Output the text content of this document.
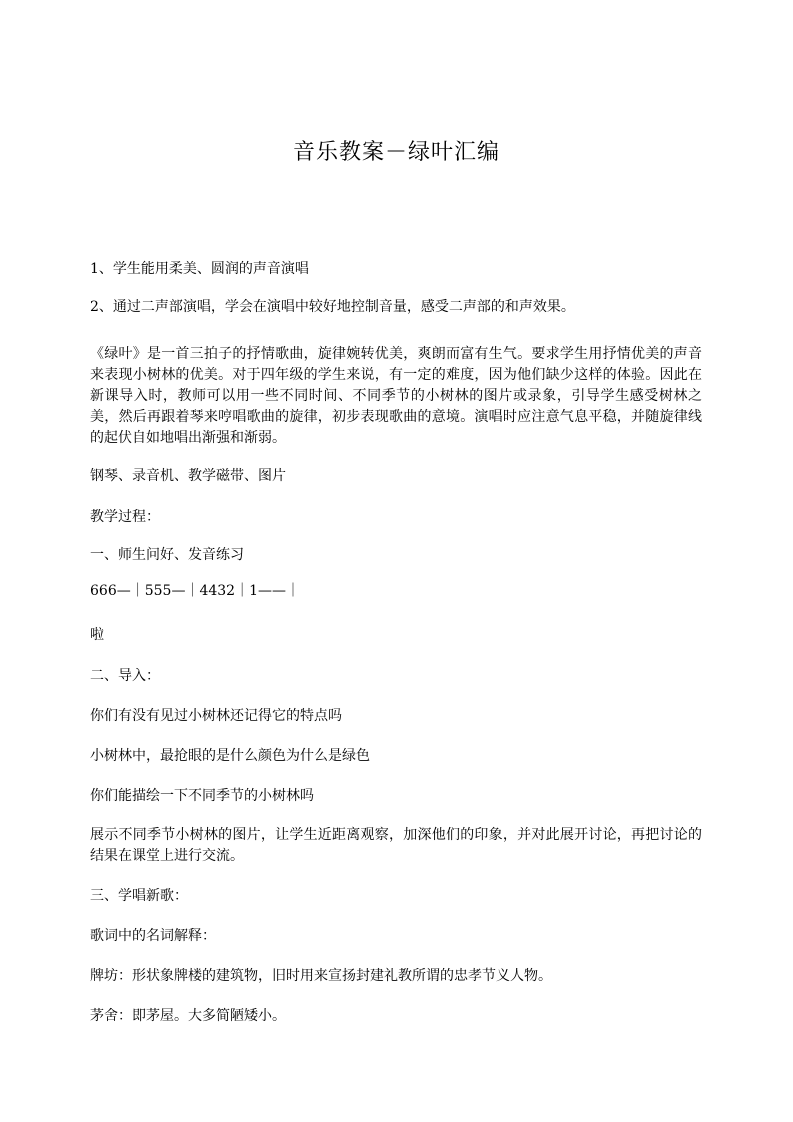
音乐教案－绿叶汇编

1、学生能用柔美、圆润的声音演唱

2、通过二声部演唱，学会在演唱中较好地控制音量，感受二声部的和声效果。

《绿叶》是一首三拍子的抒情歌曲，旋律婉转优美，爽朗而富有生气。要求学生用抒情优美的声音来表现小树林的优美。对于四年级的学生来说，有一定的难度，因为他们缺少这样的体验。因此在新课导入时，教师可以用一些不同时间、不同季节的小树林的图片或录象，引导学生感受树林之美，然后再跟着琴来哼唱歌曲的旋律，初步表现歌曲的意境。演唱时应注意气息平稳，并随旋律线的起伏自如地唱出渐强和渐弱。

钢琴、录音机、教学磁带、图片

教学过程：

一、师生问好、发音练习

666—｜555—｜4432｜1——｜

啦

二、导入：

你们有没有见过小树林还记得它的特点吗

小树林中，最抢眼的是什么颜色为什么是绿色

你们能描绘一下不同季节的小树林吗

展示不同季节小树林的图片，让学生近距离观察，加深他们的印象，并对此展开讨论，再把讨论的结果在课堂上进行交流。

三、学唱新歌：

歌词中的名词解释：

牌坊：形状象牌楼的建筑物，旧时用来宣扬封建礼教所谓的忠孝节义人物。

茅舍：即茅屋。大多简陋矮小。
